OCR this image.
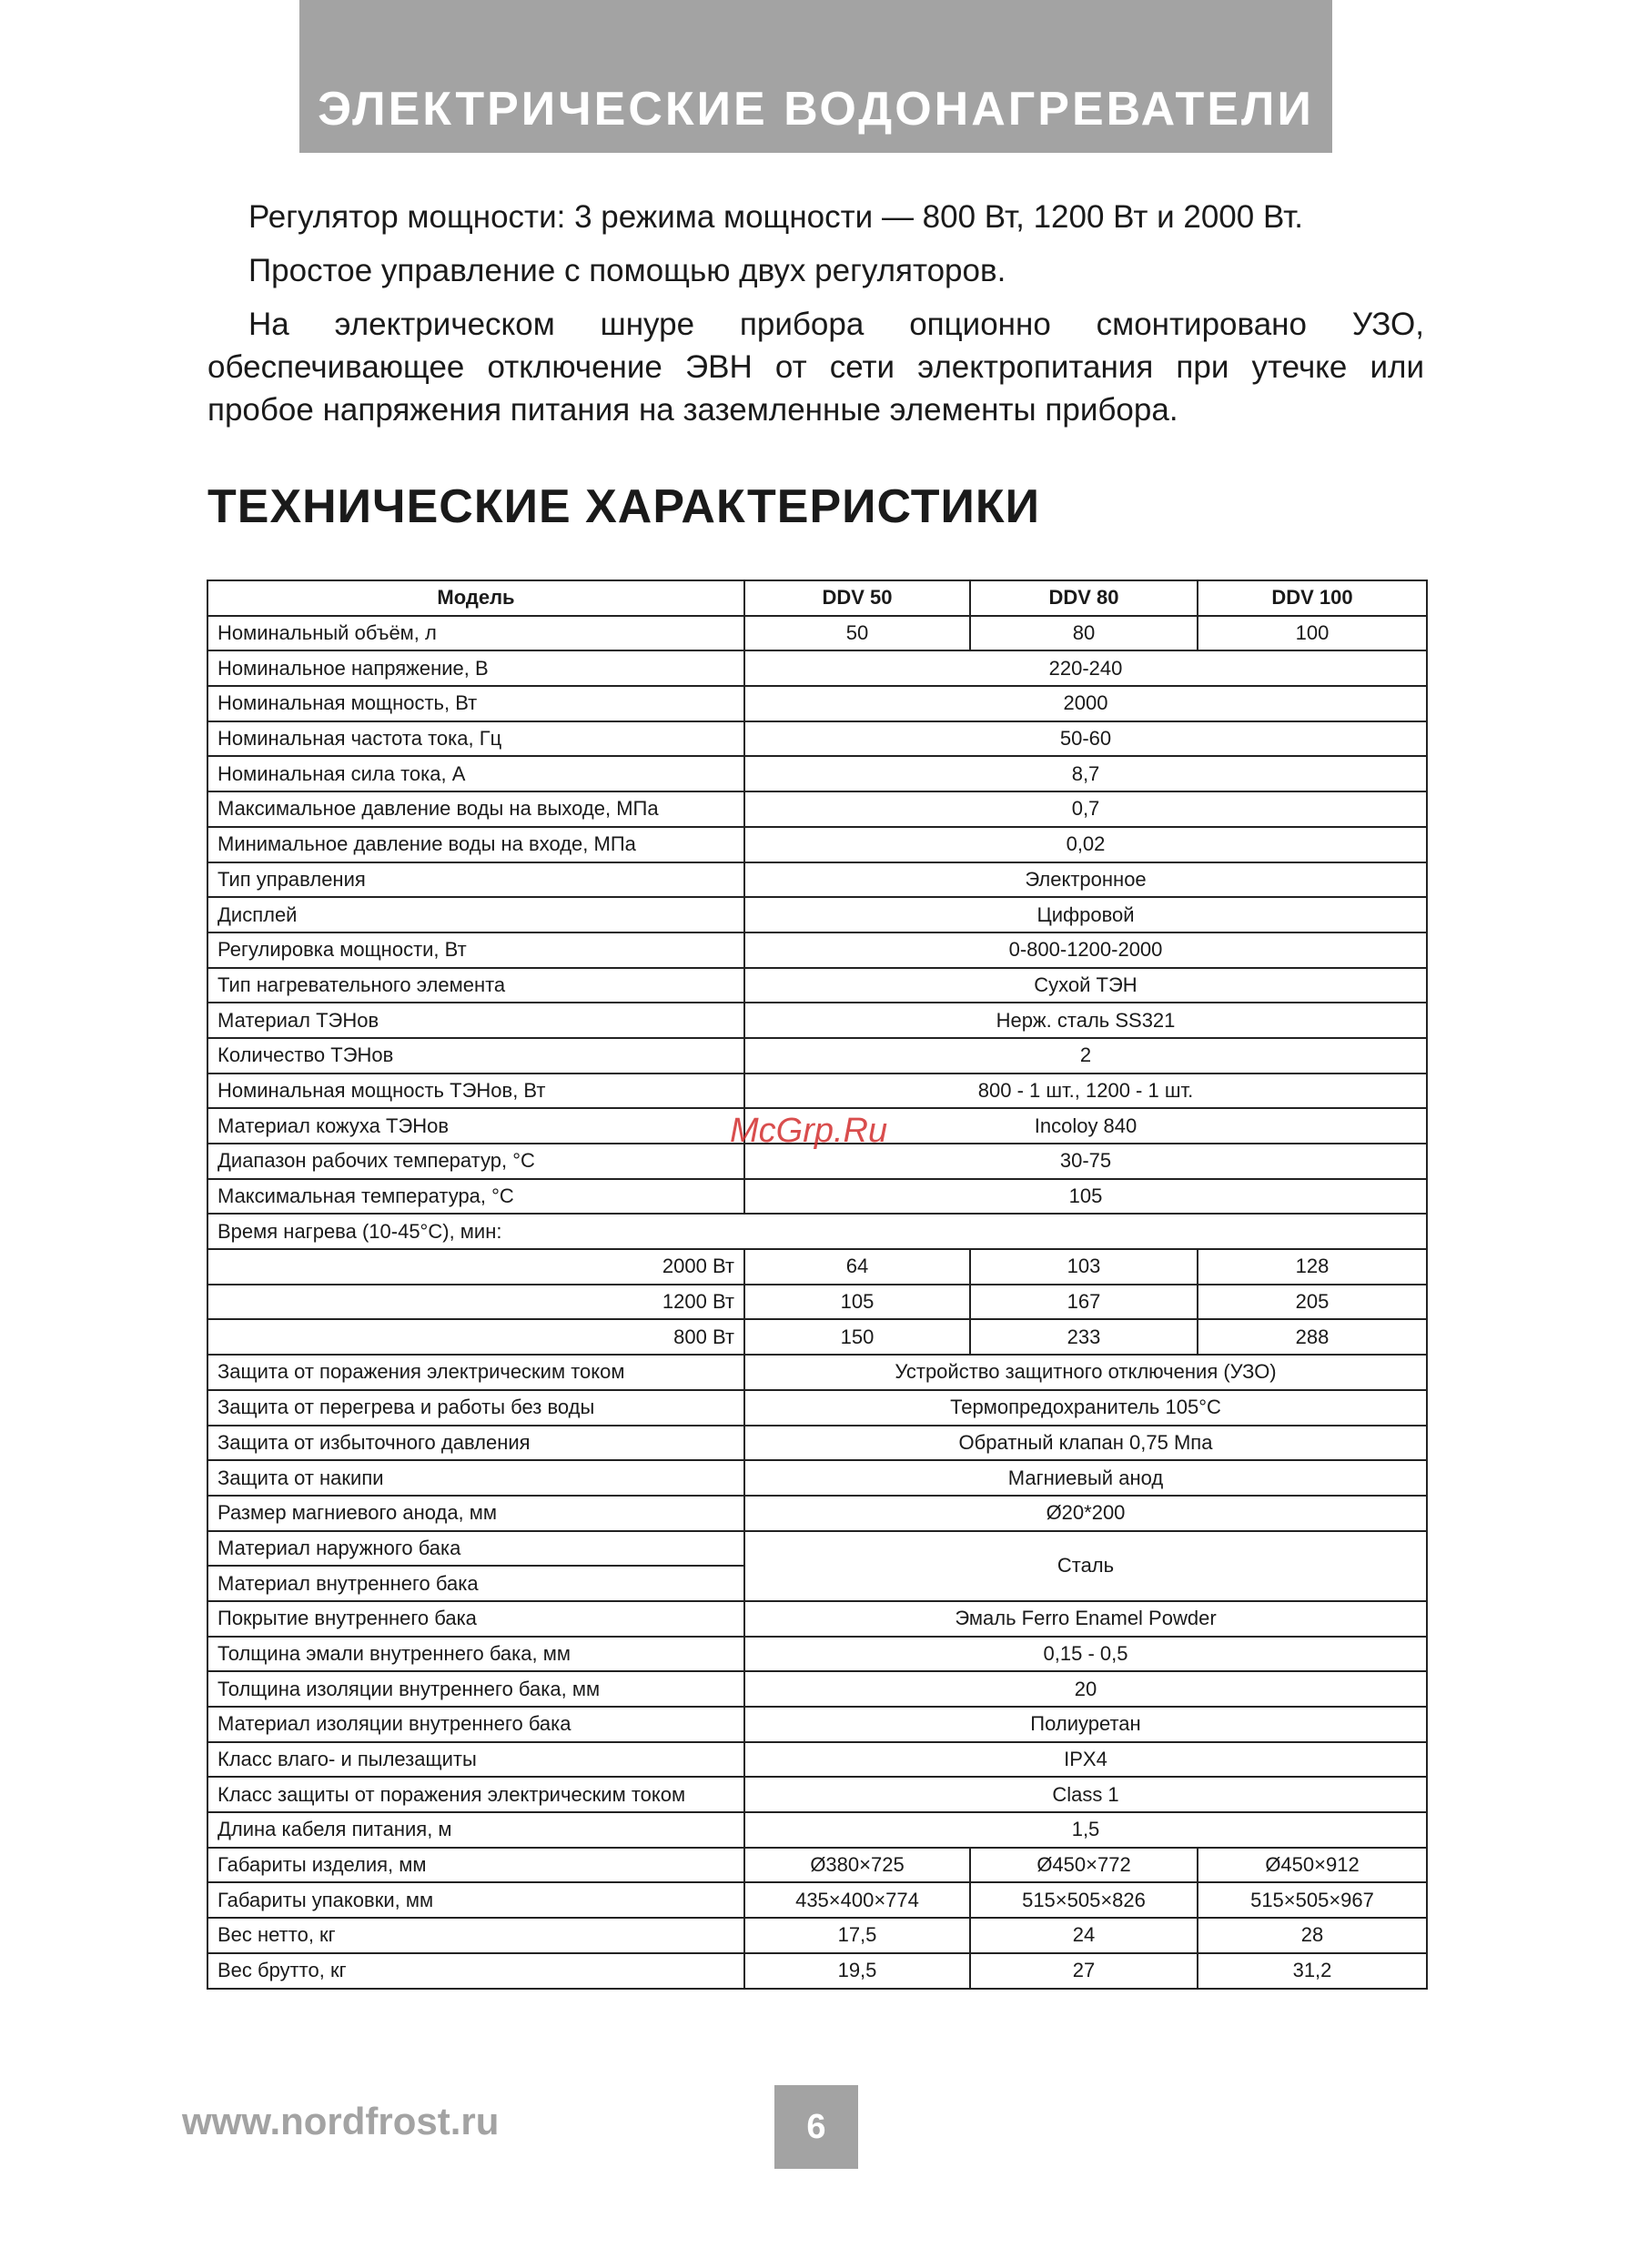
ЭЛЕКТРИЧЕСКИЕ ВОДОНАГРЕВАТЕЛИ

Регулятор мощности: 3 режима мощности — 800 Вт, 1200 Вт и 2000 Вт.

Простое управление с помощью двух регуляторов.

На электрическом шнуре прибора опционно смонтировано УЗО, обеспечивающее отключение ЭВН от сети электропитания при утечке или пробое напряжения питания на заземленные элементы прибора.

ТЕХНИЧЕСКИЕ ХАРАКТЕРИСТИКИ
Модель	DDV 50	DDV 80	DDV 100
Номинальный объём, л	50	80	100
Номинальное напряжение, В	220-240		
Номинальная мощность, Вт	2000		
Номинальная частота тока, Гц	50-60		
Номинальная сила тока, А	8,7		
Максимальное давление воды на выходе, МПа	0,7		
Минимальное давление воды на входе, МПа	0,02		
Тип управления	Электронное		
Дисплей	Цифровой		
Регулировка мощности, Вт	0-800-1200-2000		
Тип нагревательного элемента	Сухой ТЭН		
Материал ТЭНов	Нерж. сталь SS321		
Количество ТЭНов	2		
Номинальная мощность ТЭНов, Вт	800 - 1 шт., 1200 - 1 шт.		
Материал кожуха ТЭНов	Incoloy 840		
Диапазон рабочих температур, °С	30-75		
Максимальная температура, °С	105		
Время нагрева (10-45°С), мин:			
2000 Вт	64	103	128
1200 Вт	105	167	205
800 Вт	150	233	288
Защита от поражения электрическим током	Устройство защитного отключения (УЗО)		
Защита от перегрева и работы без воды	Термопредохранитель 105°С		
Защита от избыточного давления	Обратный клапан 0,75 Мпа		
Защита от накипи	Магниевый анод		
Размер магниевого анода, мм	Ø20*200		
Материал наружного бака	Сталь		
Материал внутреннего бака			
Покрытие внутреннего бака	Эмаль Ferro Enamel Powder		
Толщина эмали внутреннего бака, мм	0,15 - 0,5		
Толщина изоляции внутреннего бака, мм	20		
Материал изоляции внутреннего бака	Полиуретан		
Класс влаго- и пылезащиты	IPX4		
Класс защиты от поражения электрическим током	Class 1		
Длина кабеля питания, м	1,5		
Габариты изделия, мм	Ø380×725	Ø450×772	Ø450×912
Габариты упаковки, мм	435×400×774	515×505×826	515×505×967
Вес нетто, кг	17,5	24	28
Вес брутто, кг	19,5	27	31,2
McGrp.Ru
www.nordfrost.ru	6
